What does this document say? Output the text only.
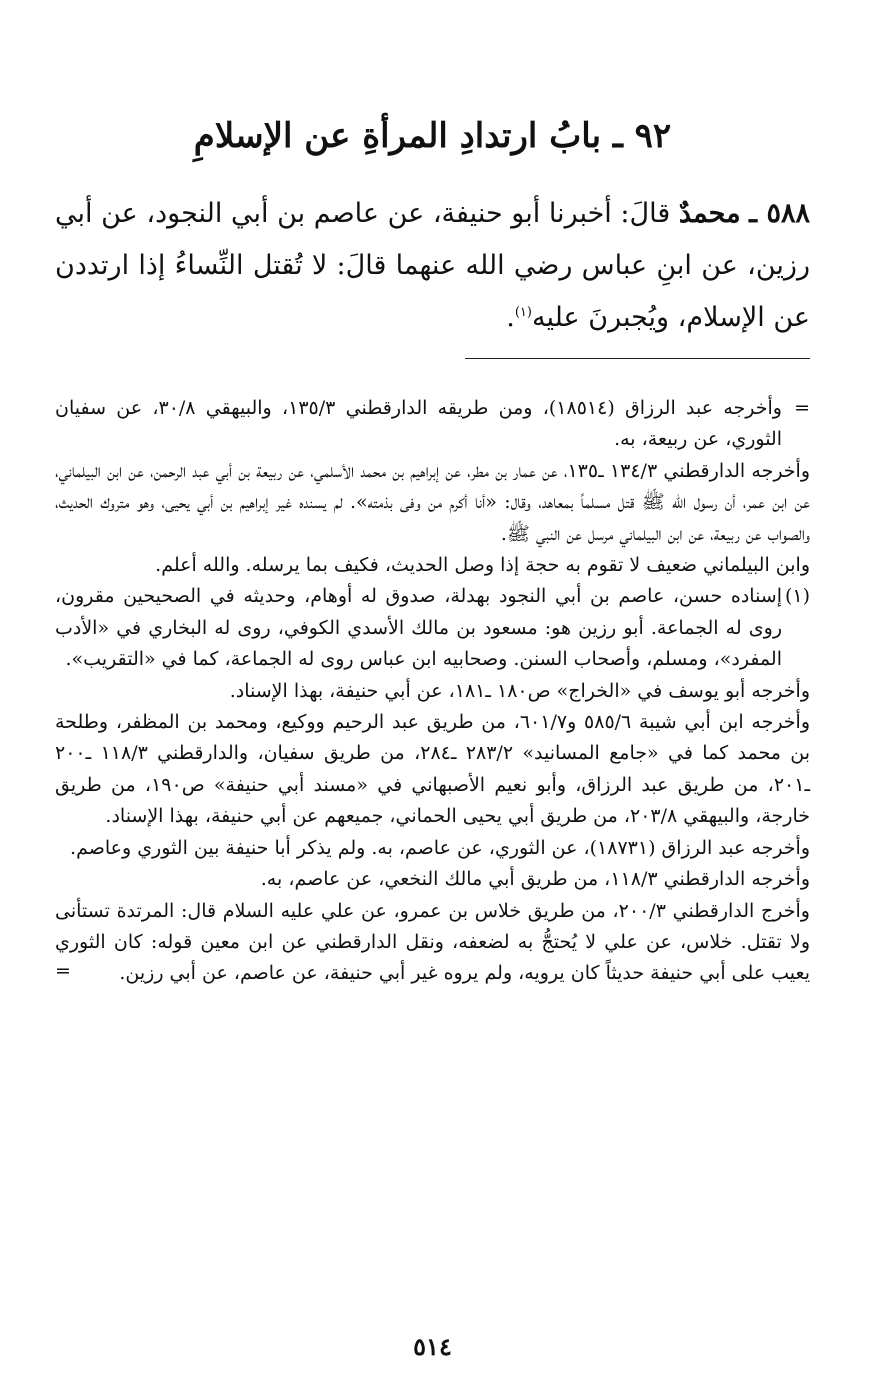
٩٢ ـ بابُ ارتدادِ المرأةِ عن الإسلامِ

٥٨٨ ـ محمدٌ قالَ: أخبرنا أبو حنيفة، عن عاصم بن أبي النجود، عن أبي رزين، عن ابنِ عباس رضي الله عنهما قالَ: لا تُقتل النِّساءُ إذا ارتددن عن الإسلام، ويُجبرنَ عليه$^{(١)}$.

=
وأخرجه عبد الرزاق (١٨٥١٤)، ومن طريقه الدارقطني ١٣٥/٣، والبيهقي ٣٠/٨، عن سفيان الثوري، عن ربيعة، به.

وأخرجه الدارقطني ١٣٤/٣ ـ١٣٥، عن عمار بن مطر، عن إبراهيم بن محمد الأسلمي، عن ربيعة بن أبي عبد الرحمن، عن ابن البيلماني، عن ابن عمر، أن رسول الله ﷺ قتل مسلماً بمعاهد، وقال: «أنا أكرم من وفى بذمته». لم يسنده غير إبراهيم بن أبي يحيى، وهو متروك الحديث، والصواب عن ربيعة، عن ابن البيلماني مرسل عن النبي ﷺ.

وابن البيلماني ضعيف لا تقوم به حجة إذا وصل الحديث، فكيف بما يرسله. والله أعلم.

(١)
إسناده حسن، عاصم بن أبي النجود بهدلة، صدوق له أوهام، وحديثه في الصحيحين مقرون، روى له الجماعة. أبو رزين هو: مسعود بن مالك الأسدي الكوفي، روى له البخاري في «الأدب المفرد»، ومسلم، وأصحاب السنن. وصحابيه ابن عباس روى له الجماعة، كما في «التقريب».

وأخرجه أبو يوسف في «الخراج» ص١٨٠ ـ١٨١، عن أبي حنيفة، بهذا الإسناد.

وأخرجه ابن أبي شيبة ٥٨٥/٦ و٦٠١/٧، من طريق عبد الرحيم ووكيع، ومحمد بن المظفر، وطلحة بن محمد كما في «جامع المسانيد» ٢٨٣/٢ ـ٢٨٤، من طريق سفيان، والدارقطني ١١٨/٣ ـ٢٠٠ ـ٢٠١، من طريق عبد الرزاق، وأبو نعيم الأصبهاني في «مسند أبي حنيفة» ص١٩٠، من طريق خارجة، والبيهقي ٢٠٣/٨، من طريق أبي يحيى الحماني، جميعهم عن أبي حنيفة، بهذا الإسناد.

وأخرجه عبد الرزاق (١٨٧٣١)، عن الثوري، عن عاصم، به. ولم يذكر أبا حنيفة بين الثوري وعاصم.

وأخرجه الدارقطني ١١٨/٣، من طريق أبي مالك النخعي، عن عاصم، به.

وأخرج الدارقطني ٢٠٠/٣، من طريق خلاس بن عمرو، عن علي عليه السلام قال: المرتدة تستأنى ولا تقتل. خلاس، عن علي لا يُحتجُّ به لضعفه، ونقل الدارقطني عن ابن معين قوله: كان الثوري يعيب على أبي حنيفة حديثاً كان يرويه، ولم يروه غير أبي حنيفة، عن عاصم، عن أبي رزين.
=

٥١٤
